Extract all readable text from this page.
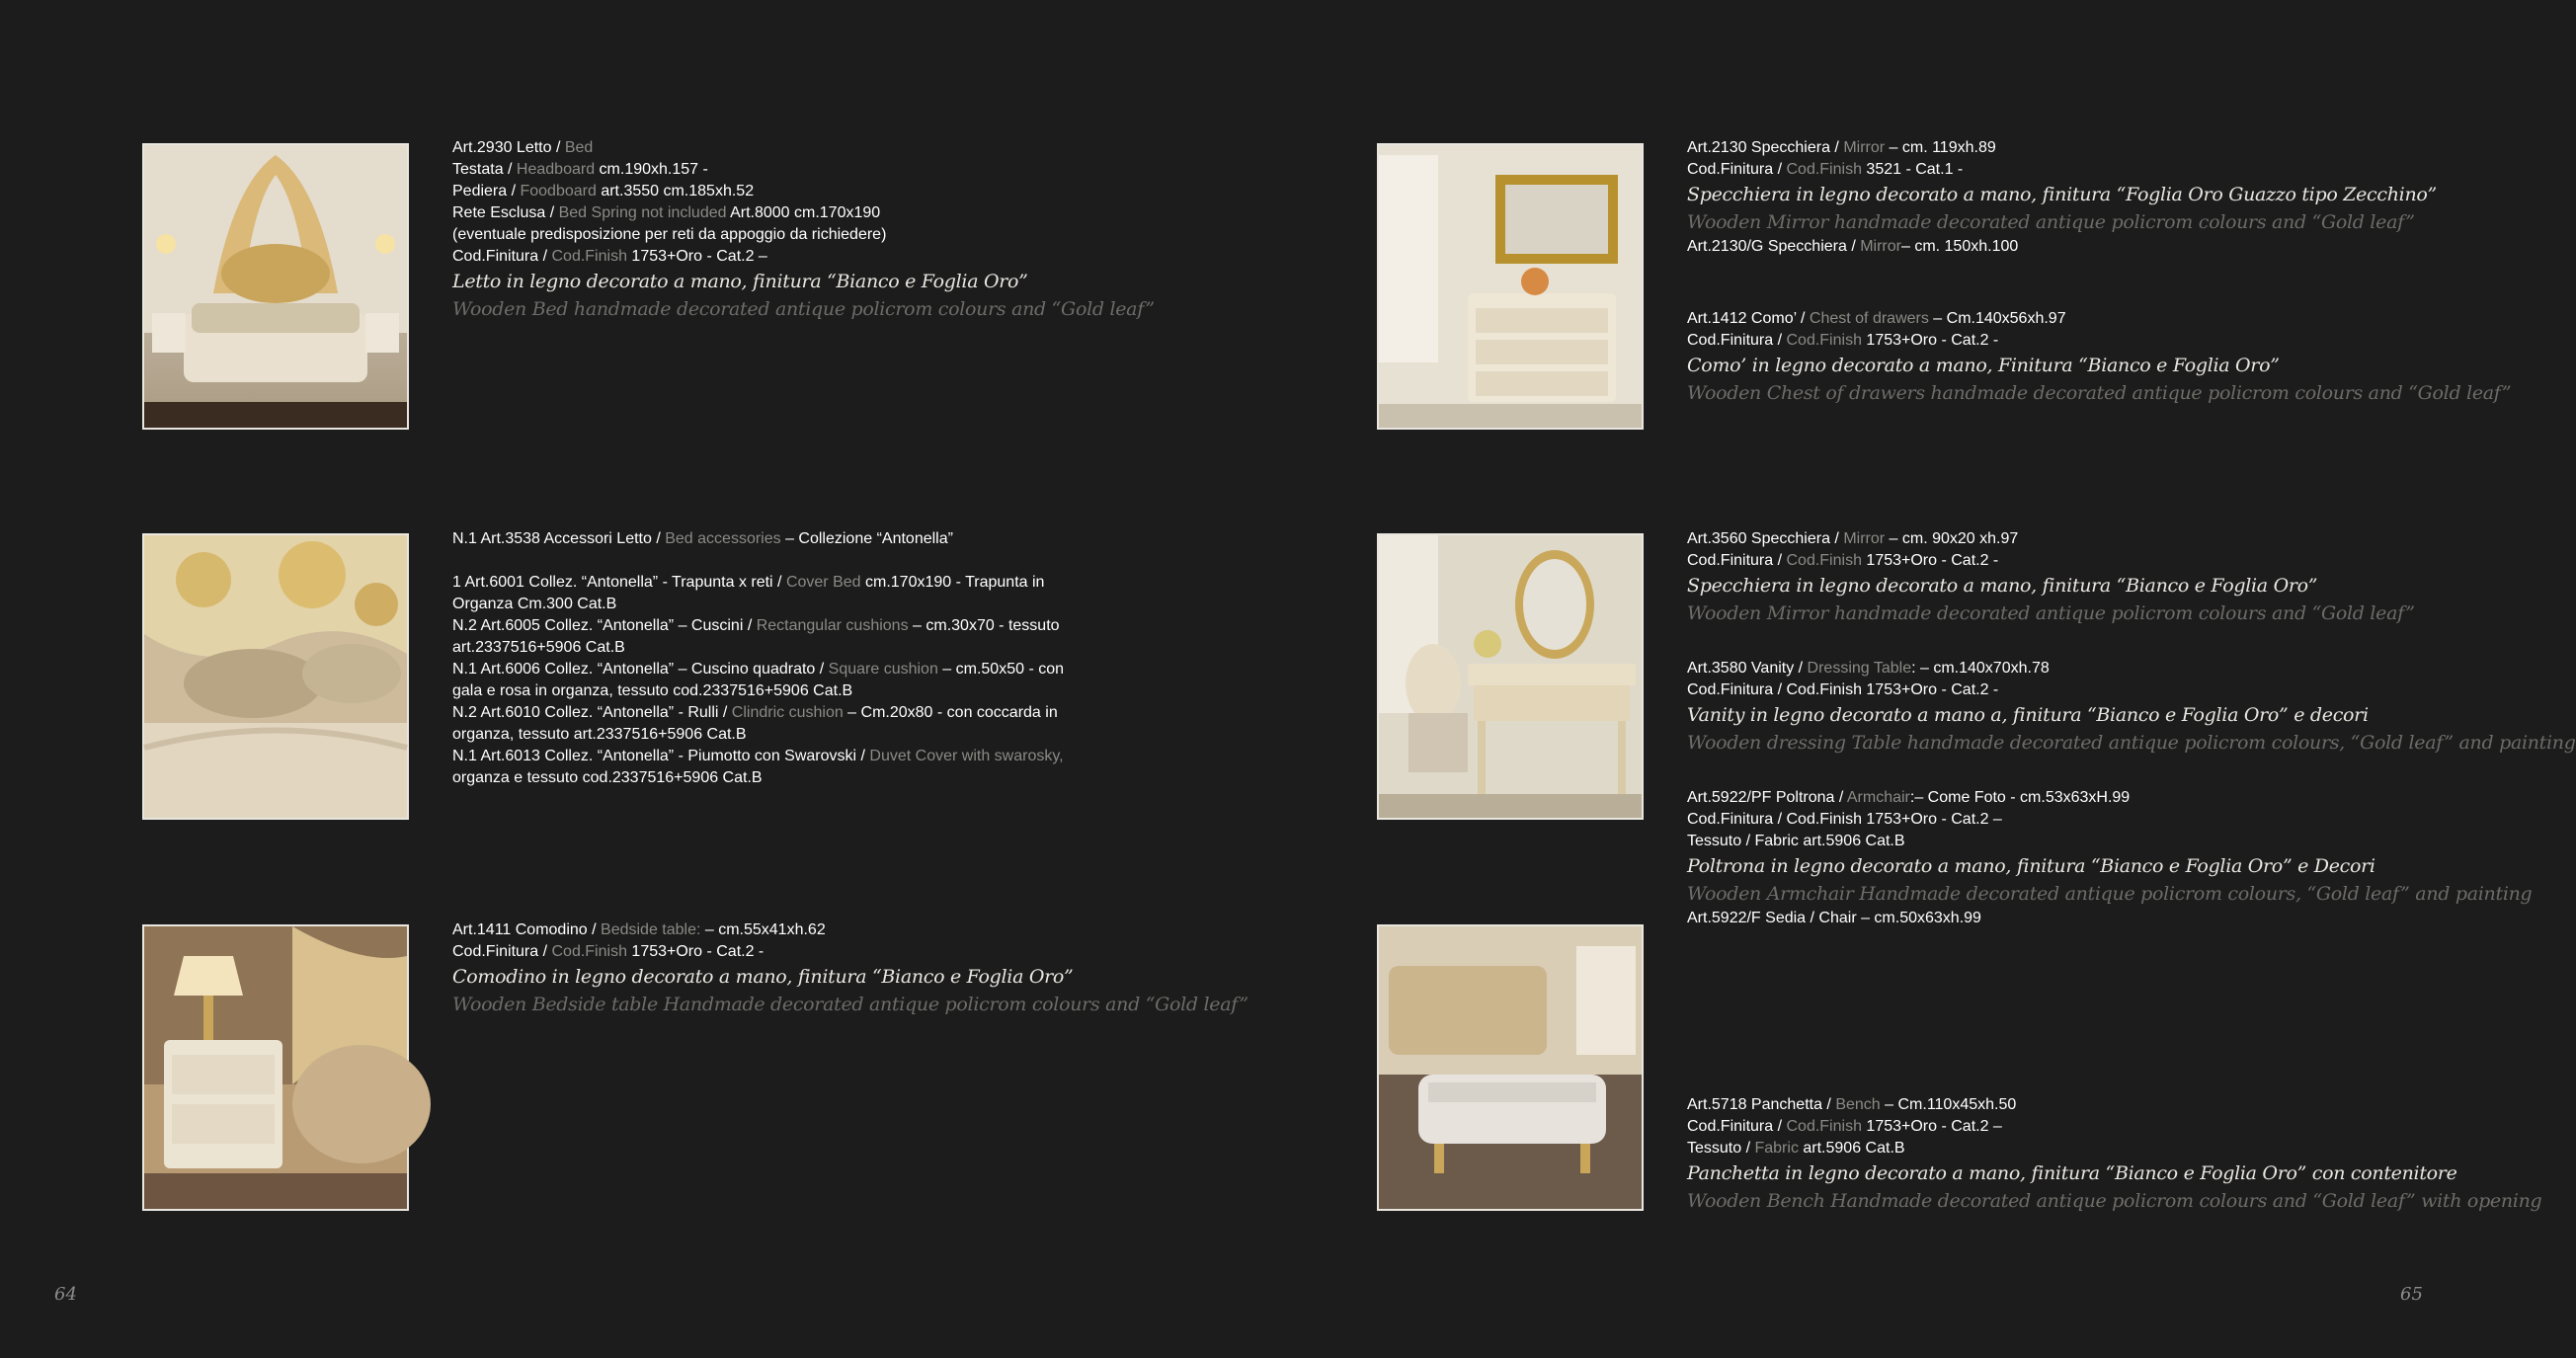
Art.2930 Letto / Bed

Testata / Headboard cm.190xh.157 -

Pediera / Foodboard art.3550 cm.185xh.52

Rete Esclusa / Bed Spring not included Art.8000 cm.170x190

(eventuale predisposizione per reti da appoggio da richiedere)

Cod.Finitura / Cod.Finish 1753+Oro - Cat.2 –

Letto in legno decorato a mano, finitura “Bianco e Foglia Oro”

Wooden Bed handmade decorated antique policrom colours and “Gold leaf”

N.1 Art.3538 Accessori Letto / Bed accessories – Collezione “Antonella”

1 Art.6001 Collez. “Antonella” - Trapunta x reti / Cover Bed cm.170x190 - Trapunta in

Organza Cm.300 Cat.B

N.2 Art.6005 Collez. “Antonella” – Cuscini / Rectangular cushions – cm.30x70 - tessuto

art.2337516+5906 Cat.B

N.1 Art.6006 Collez. “Antonella” – Cuscino quadrato / Square cushion – cm.50x50 - con

gala e rosa in organza, tessuto cod.2337516+5906 Cat.B

N.2 Art.6010 Collez. “Antonella” - Rulli / Clindric cushion – Cm.20x80 - con coccarda in

organza, tessuto art.2337516+5906 Cat.B

N.1 Art.6013 Collez. “Antonella” - Piumotto con Swarovski / Duvet Cover with swarosky,

organza e tessuto cod.2337516+5906 Cat.B

Art.1411 Comodino / Bedside table: – cm.55x41xh.62

Cod.Finitura / Cod.Finish 1753+Oro - Cat.2 -

Comodino in legno decorato a mano, finitura “Bianco e Foglia Oro”

Wooden Bedside table Handmade decorated antique policrom colours and “Gold leaf”

Art.2130 Specchiera / Mirror – cm. 119xh.89

Cod.Finitura / Cod.Finish 3521 - Cat.1 -

Specchiera in legno decorato a mano, finitura “Foglia Oro Guazzo tipo Zecchino”

Wooden Mirror handmade decorated antique policrom colours and “Gold leaf”

Art.2130/G Specchiera / Mirror– cm. 150xh.100

Art.1412 Como’ / Chest of drawers – Cm.140x56xh.97

Cod.Finitura / Cod.Finish 1753+Oro - Cat.2 -

Como’ in legno decorato a mano, Finitura “Bianco e Foglia Oro”

Wooden Chest of drawers handmade decorated antique policrom colours and “Gold leaf”

Art.3560 Specchiera / Mirror – cm. 90x20 xh.97

Cod.Finitura / Cod.Finish 1753+Oro - Cat.2 -

Specchiera in legno decorato a mano, finitura “Bianco e Foglia Oro”

Wooden Mirror handmade decorated antique policrom colours and “Gold leaf”

Art.3580 Vanity / Dressing Table: – cm.140x70xh.78

Cod.Finitura / Cod.Finish 1753+Oro - Cat.2 -

Vanity in legno decorato a mano a, finitura “Bianco e Foglia Oro” e decori

Wooden dressing Table handmade decorated antique policrom colours, “Gold leaf” and painting

Art.5922/PF Poltrona / Armchair:– Come Foto - cm.53x63xH.99

Cod.Finitura / Cod.Finish 1753+Oro - Cat.2 –

Tessuto / Fabric art.5906 Cat.B

Poltrona in legno decorato a mano, finitura “Bianco e Foglia Oro” e Decori

Wooden Armchair Handmade decorated antique policrom colours, “Gold leaf” and painting

Art.5922/F Sedia / Chair – cm.50x63xh.99

Art.5718 Panchetta / Bench – Cm.110x45xh.50

Cod.Finitura / Cod.Finish 1753+Oro - Cat.2 –

Tessuto / Fabric art.5906 Cat.B

Panchetta in legno decorato a mano, finitura “Bianco e Foglia Oro” con contenitore

Wooden Bench Handmade decorated antique policrom colours and “Gold leaf” with opening

64	65
